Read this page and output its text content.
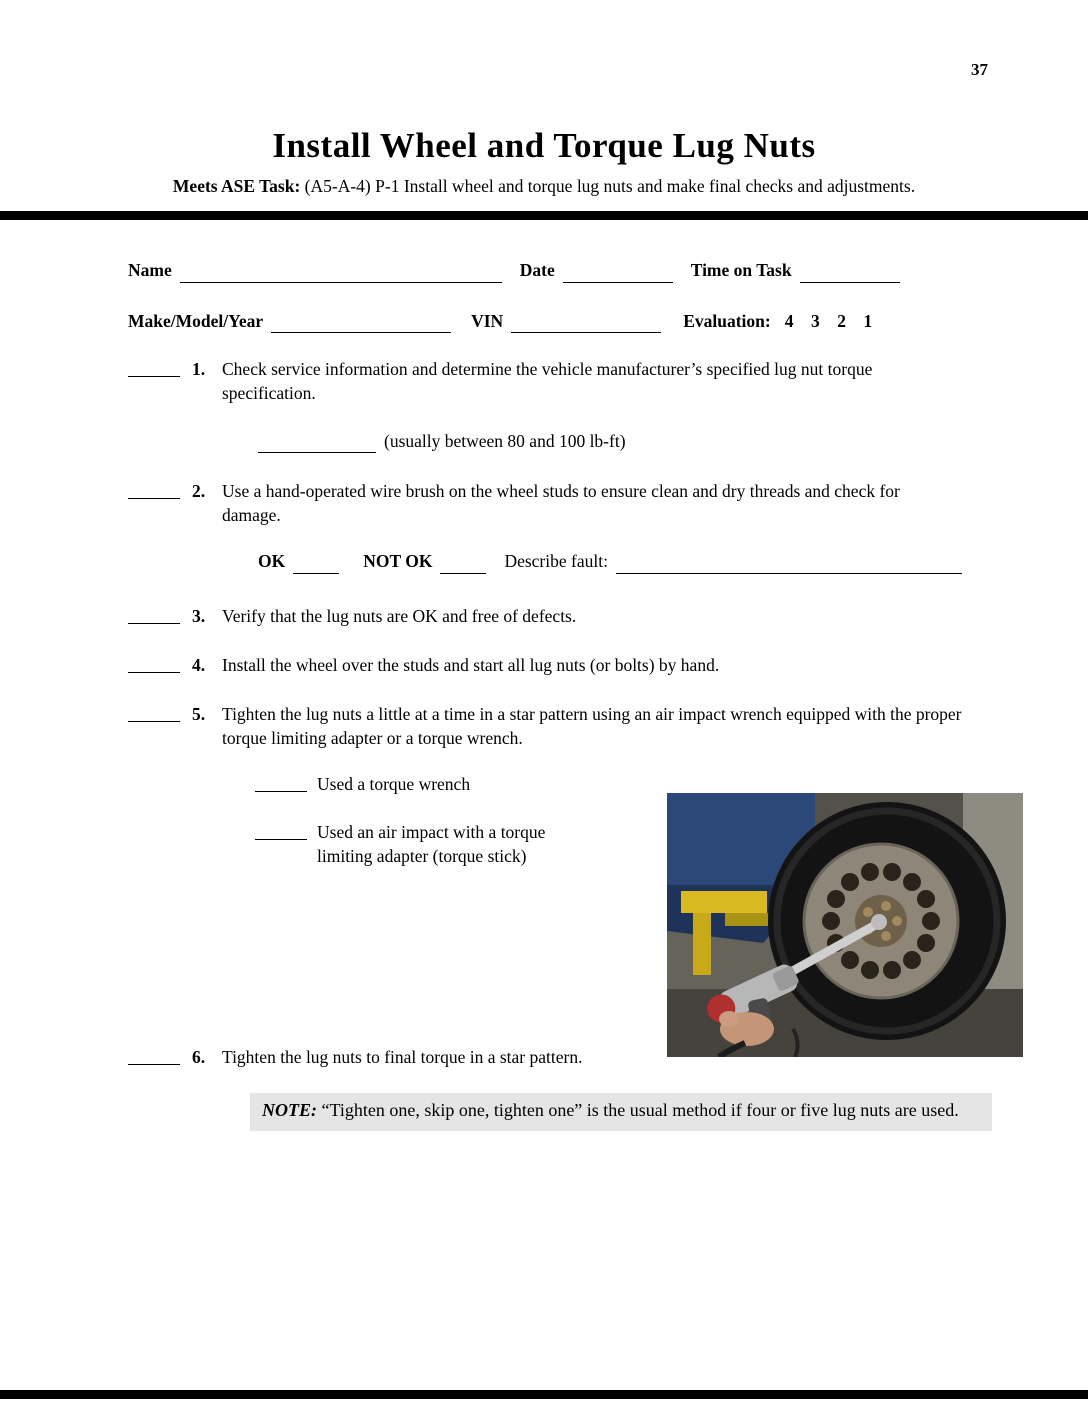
37
Install Wheel and Torque Lug Nuts
Meets ASE Task: (A5-A-4) P-1 Install wheel and torque lug nuts and make final checks and adjustments.
Name	Date	Time on Task
Make/Model/Year	VIN	Evaluation: 4    3    2    1
1. Check service information and determine the vehicle manufacturer’s specified lug nut torque specification.
(usually between 80 and 100 lb-ft)
2. Use a hand-operated wire brush on the wheel studs to ensure clean and dry threads and check for damage.
OK	NOT OK	Describe fault:
3. Verify that the lug nuts are OK and free of defects.
4. Install the wheel over the studs and start all lug nuts (or bolts) by hand.
5. Tighten the lug nuts a little at a time in a star pattern using an air impact wrench equipped with the proper torque limiting adapter or a torque wrench.
Used a torque wrench
Used an air impact with a torque limiting adapter (torque stick)
6. Tighten the lug nuts to final torque in a star pattern.
NOTE: “Tighten one, skip one, tighten one” is the usual method if four or five lug nuts are used.
